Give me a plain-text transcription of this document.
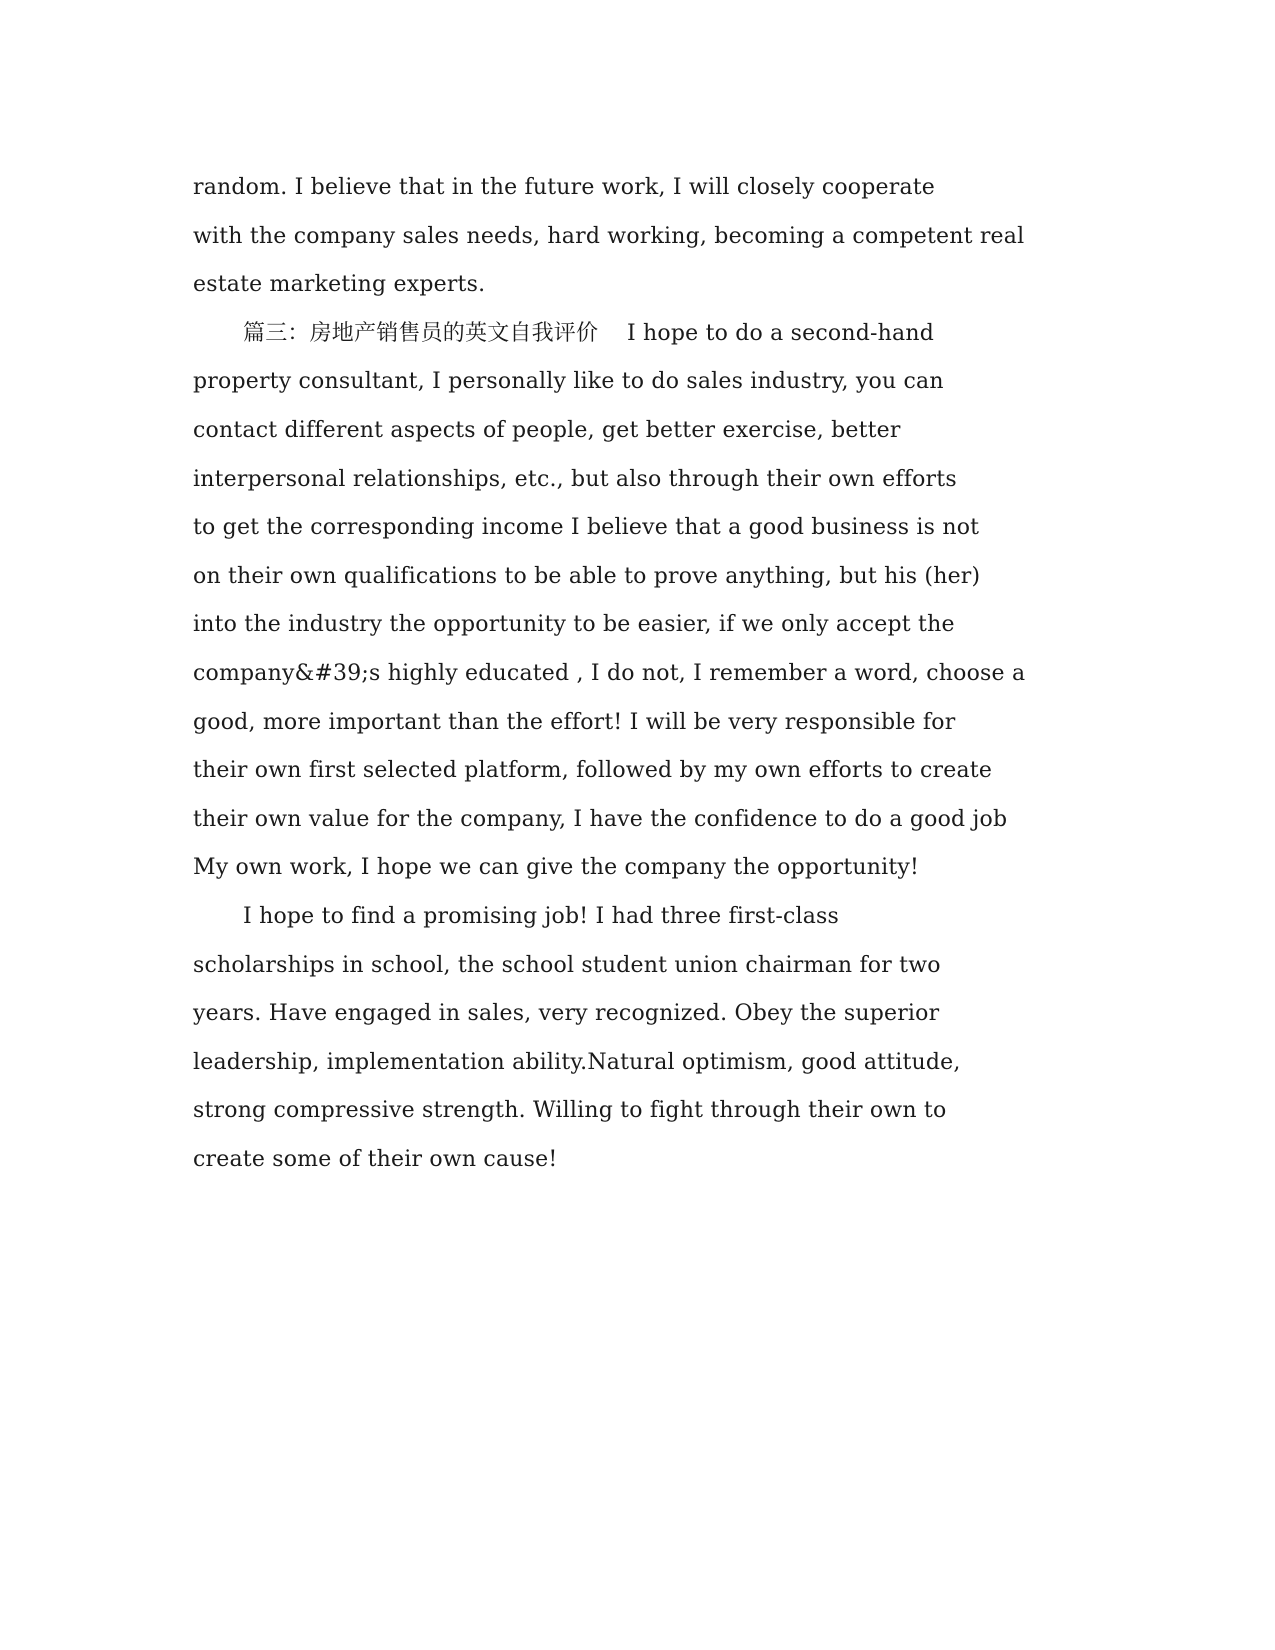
random. I believe that in the future work, I will closely cooperate
with the company sales needs, hard working, becoming a competent real
estate marketing experts.
篇三：房地产销售员的英文自我评价    I hope to do a second-hand
property consultant, I personally like to do sales industry, you can
contact different aspects of people, get better exercise, better
interpersonal relationships, etc., but also through their own efforts
to get the corresponding income I believe that a good business is not
on their own qualifications to be able to prove anything, but his (her)
into the industry the opportunity to be easier, if we only accept the
company&#39;s highly educated , I do not, I remember a word, choose a
good, more important than the effort! I will be very responsible for
their own first selected platform, followed by my own efforts to create
their own value for the company, I have the confidence to do a good job
My own work, I hope we can give the company the opportunity!
I hope to find a promising job! I had three first-class
scholarships in school, the school student union chairman for two
years. Have engaged in sales, very recognized. Obey the superior
leadership, implementation ability.Natural optimism, good attitude,
strong compressive strength. Willing to fight through their own to
create some of their own cause!
